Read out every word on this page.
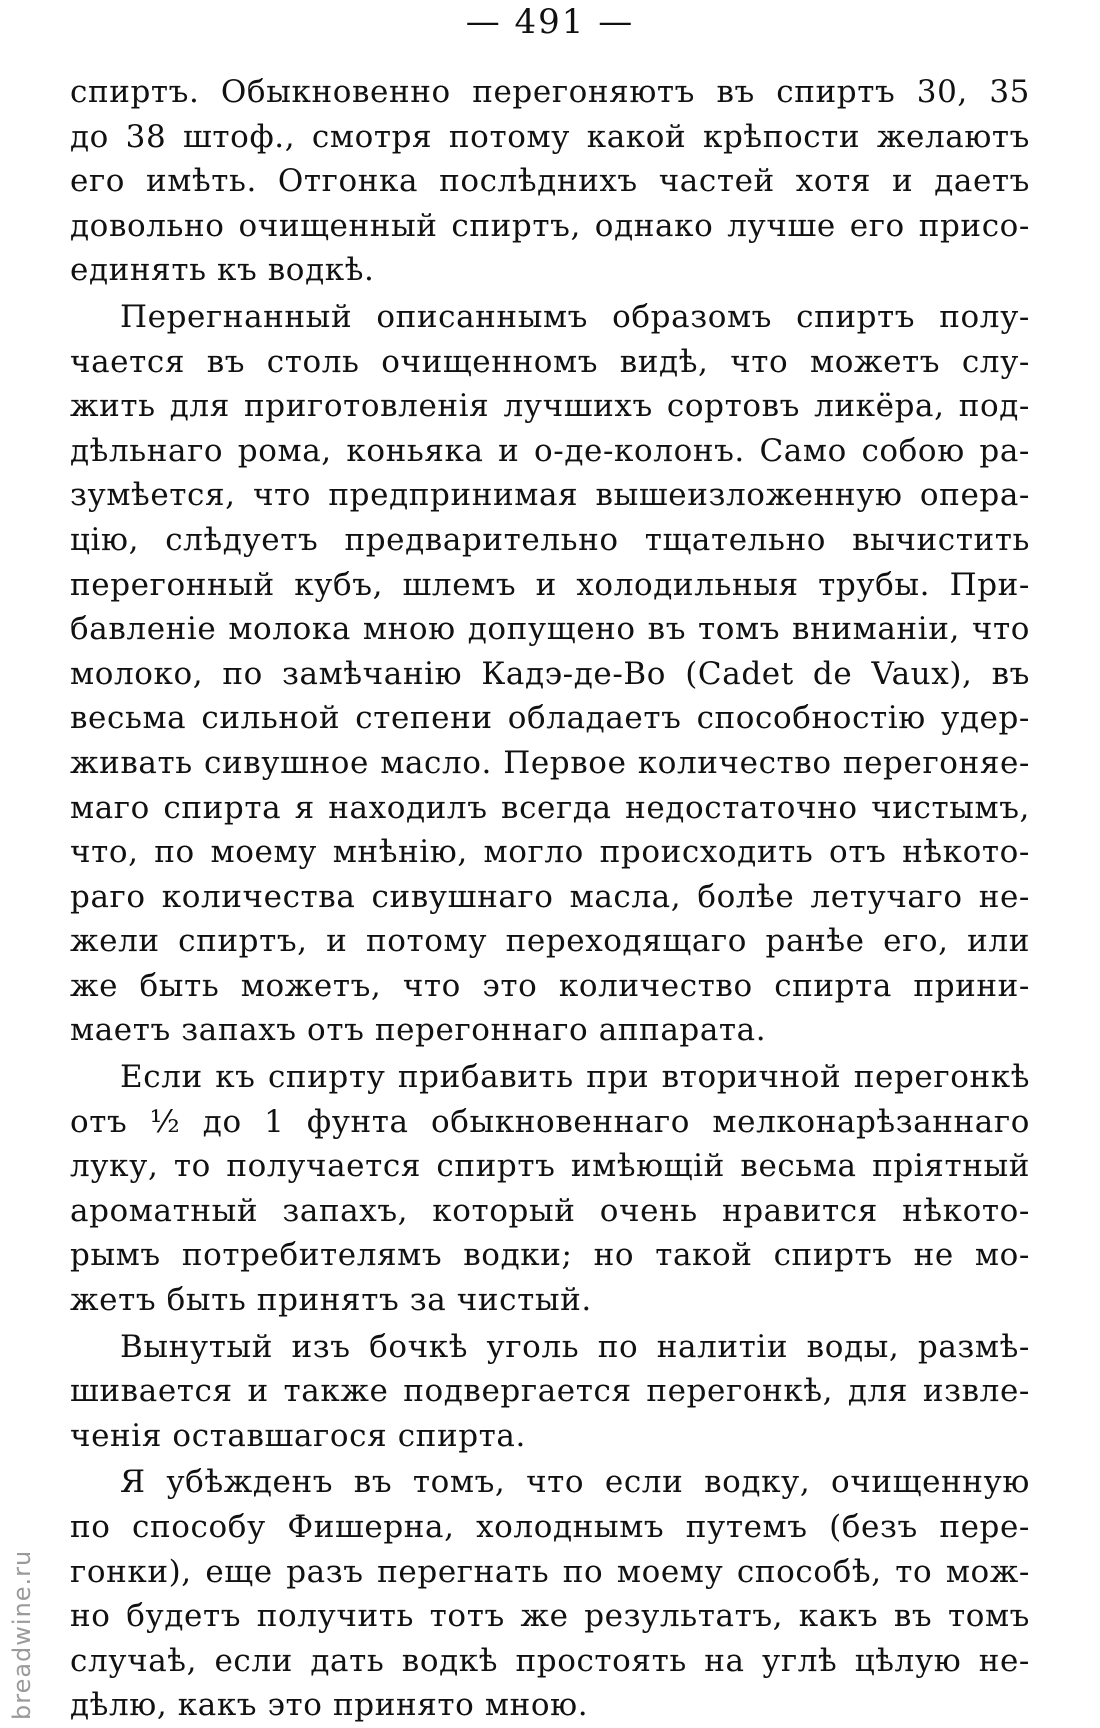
— 491 —
спиртъ. Обыкновенно перегоняютъ въ спиртъ 30, 35
до 38 штоф., смотря потому какой крѣпости желаютъ
его имѣть. Отгонка послѣднихъ частей хотя и даетъ
довольно очищенный спиртъ, однако лучше его присо-
единять къ водкѣ.
Перегнанный описаннымъ образомъ спиртъ полу-
чается въ столь очищенномъ видѣ, что можетъ слу-
жить для приготовленія лучшихъ сортовъ ликёра, под-
дѣльнаго рома, коньяка и о-де-колонъ. Само собою ра-
зумѣется, что предпринимая вышеизложенную опера-
цію, слѣдуетъ предварительно тщательно вычистить
перегонный кубъ, шлемъ и холодильныя трубы. При-
бавленіе молока мною допущено въ томъ вниманіи, что
молоко, по замѣчанію Кадэ-де-Во (Cadet de Vaux), въ
весьма сильной степени обладаетъ способностію удер-
живать сивушное масло. Первое количество перегоняе-
маго спирта я находилъ всегда недостаточно чистымъ,
что, по моему мнѣнію, могло происходить отъ нѣкото-
раго количества сивушнаго масла, болѣе летучаго не-
жели спиртъ, и потому переходящаго ранѣе его, или
же быть можетъ, что это количество спирта прини-
маетъ запахъ отъ перегоннаго аппарата.
Если къ спирту прибавить при вторичной перегонкѣ
отъ ½ до 1 фунта обыкновеннаго мелконарѣзаннаго
луку, то получается спиртъ имѣющій весьма пріятный
ароматный запахъ, который очень нравится нѣкото-
рымъ потребителямъ водки; но такой спиртъ не мо-
жетъ быть принятъ за чистый.
Вынутый изъ бочкѣ уголь по налитіи воды, размѣ-
шивается и также подвергается перегонкѣ, для извле-
ченія оставшагося спирта.
Я убѣжденъ въ томъ, что если водку, очищенную
по способу Фишерна, холоднымъ путемъ (безъ пере-
гонки), еще разъ перегнать по моему способѣ, то мож-
но будетъ получить тотъ же результатъ, какъ въ томъ
случаѣ, если дать водкѣ простоять на углѣ цѣлую не-
дѣлю, какъ это принято мною.
breadwine.ru
